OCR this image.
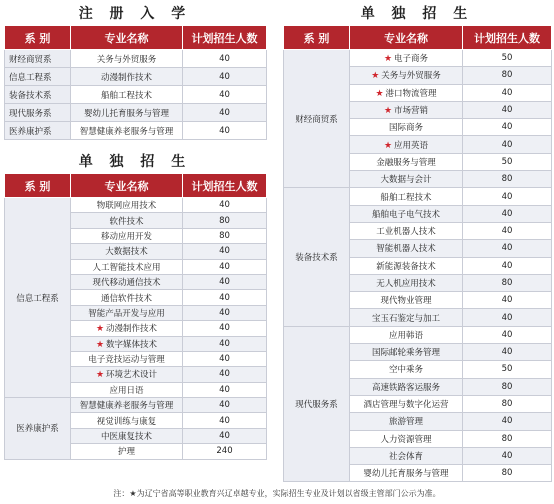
注 册 入 学
系 别	专业名称	计划招生人数
财经商贸系	关务与外贸服务	40
信息工程系	动漫制作技术	40
装备技术系	船舶工程技术	40
现代服务系	婴幼儿托育服务与管理	40
医养康护系	智慧健康养老服务与管理	40
单 独 招 生
系 别	专业名称	计划招生人数
信息工程系	物联网应用技术	40
	软件技术	80
	移动应用开发	80
	大数据技术	40
	人工智能技术应用	40
	现代移动通信技术	40
	通信软件技术	40
	智能产品开发与应用	40
	★ 动漫制作技术	40
	★ 数字媒体技术	40
	电子竞技运动与管理	40
	★ 环境艺术设计	40
	应用日语	40
医养康护系	智慧健康养老服务与管理	40
	视觉训练与康复	40
	中医康复技术	40
	护理	240
单 独 招 生
系 别	专业名称	计划招生人数
财经商贸系	★ 电子商务	50
	★ 关务与外贸服务	80
	★ 港口物流管理	40
	★ 市场营销	40
	国际商务	40
	★ 应用英语	40
	金融服务与管理	50
	大数据与会计	80
装备技术系	船舶工程技术	40
	船舶电子电气技术	40
	工业机器人技术	40
	智能机器人技术	40
	新能源装备技术	40
	无人机应用技术	80
	现代物业管理	40
	宝玉石鉴定与加工	40
现代服务系	应用韩语	40
	国际邮轮乘务管理	40
	空中乘务	50
	高速铁路客运服务	80
	酒店管理与数字化运营	80
	旅游管理	40
	人力资源管理	80
	社会体育	40
	婴幼儿托育服务与管理	80
注：★为辽宁省高等职业教育兴辽卓越专业，实际招生专业及计划以省级主管部门公示为准。
